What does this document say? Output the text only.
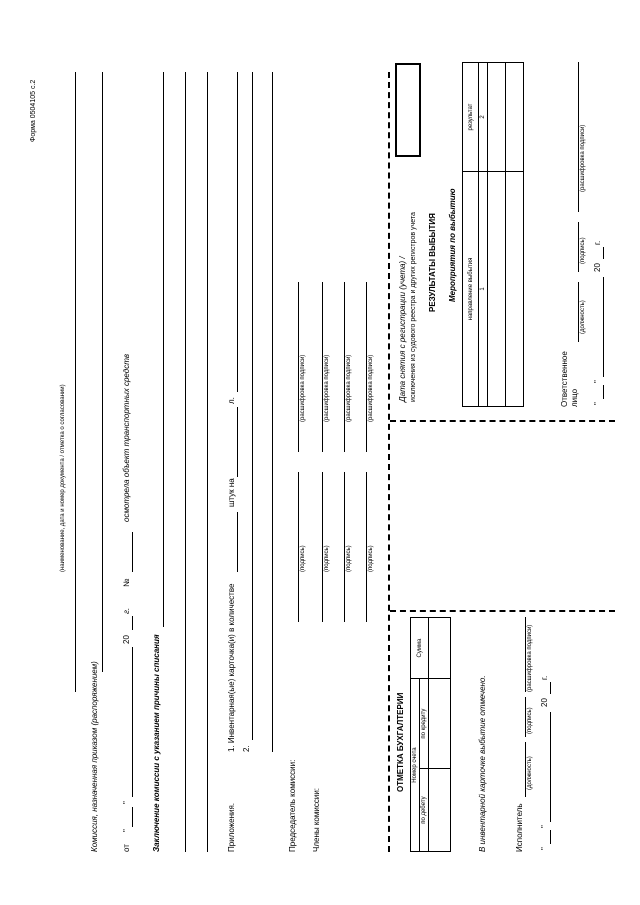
Форма 0504105 с.2
(наименование, дата и номер документа / отметка о согласовании)
Комиссия, назначенная приказом (распоряжением)	от
"
"
20
г.
№
осмотрела объект транспортных средств
Заключение комиссии с указанием причины списания	Приложения.
1. Инвентарная(ые) карточка(и) в количестве
штук на
л.
2.
Председатель комиссии:
(подпись)
(расшифровка подписи)
Члены комиссии:
(подпись)
(расшифровка подписи)
(подпись)
(расшифровка подписи)
(подпись)
(расшифровка подписи)
ОТМЕТКА БУХГАЛТЕРИИ Номер счета		Сумма
по дебету	по кредиту	
			В инвентарной карточке выбытие отмечено.	Исполнитель
(должность)
(подпись)
(расшифровка подписи)
"
"
20
г.
Дата снятия с регистрации (учета) / исключения из судового реестра и других регистров учета РЕЗУЛЬТАТЫ ВЫБЫТИЯ Мероприятия по выбытию направление выбытия	результат
1	2

Ответственное лицо
(должность)
(подпись)
(расшифровка подписи)
"
"
20
г.
